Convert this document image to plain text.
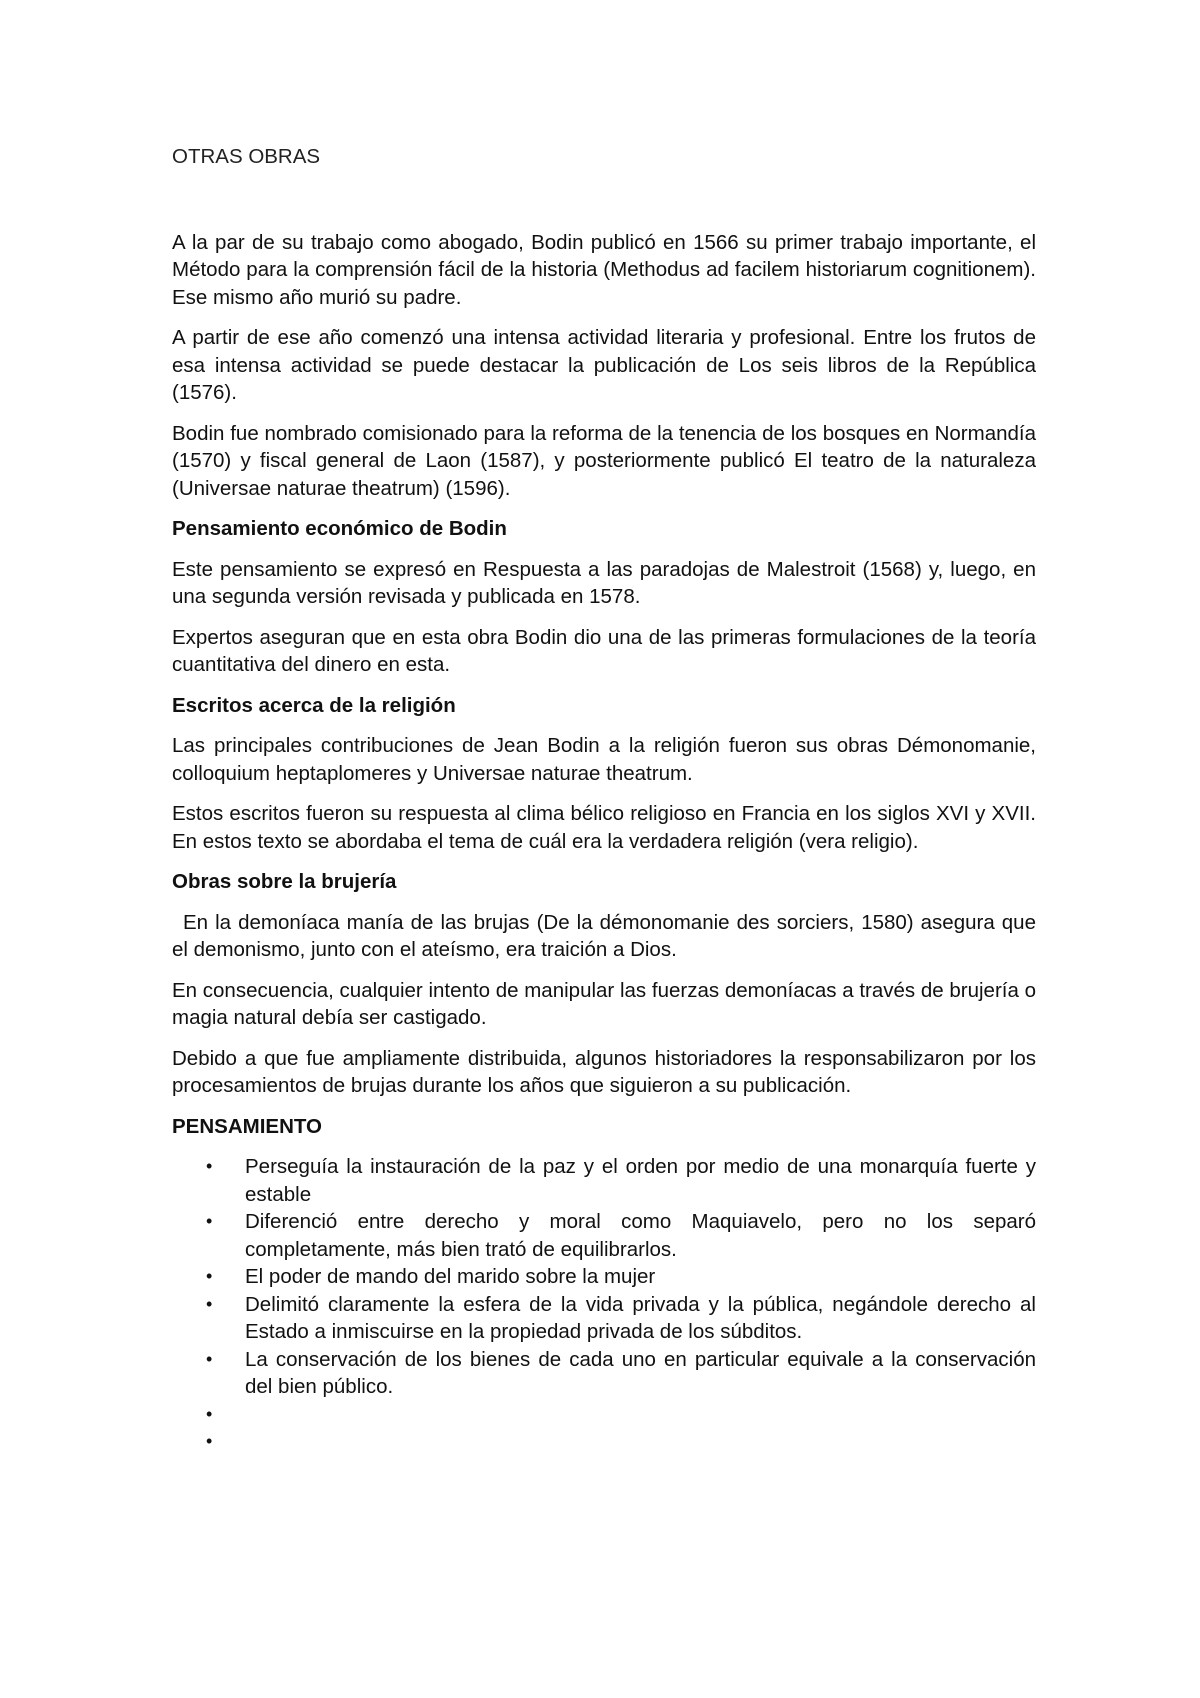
OTRAS OBRAS

A la par de su trabajo como abogado, Bodin publicó en 1566 su primer trabajo importante, el Método para la comprensión fácil de la historia (Methodus ad facilem historiarum cognitionem). Ese mismo año murió su padre.

A partir de ese año comenzó una intensa actividad literaria y profesional. Entre los frutos de esa intensa actividad se puede destacar la publicación de Los seis libros de la República (1576).

Bodin fue nombrado comisionado para la reforma de la tenencia de los bosques en Normandía (1570) y fiscal general de Laon (1587), y posteriormente publicó El teatro de la naturaleza (Universae naturae theatrum) (1596).

Pensamiento económico de Bodin

Este pensamiento se expresó en Respuesta a las paradojas de Malestroit (1568) y, luego, en una segunda versión revisada y publicada en 1578.

Expertos aseguran que en esta obra Bodin dio una de las primeras formulaciones de la teoría cuantitativa del dinero en esta.

Escritos acerca de la religión

Las principales contribuciones de Jean Bodin a la religión fueron sus obras Démonomanie, colloquium heptaplomeres y Universae naturae theatrum.

Estos escritos fueron su respuesta al clima bélico religioso en Francia en los siglos XVI y XVII. En estos texto se abordaba el tema de cuál era la verdadera religión (vera religio).

Obras sobre la brujería

En la demoníaca manía de las brujas (De la démonomanie des sorciers, 1580) asegura que el demonismo, junto con el ateísmo, era traición a Dios.

En consecuencia, cualquier intento de manipular las fuerzas demoníacas a través de brujería o magia natural debía ser castigado.

Debido a que fue ampliamente distribuida, algunos historiadores la responsabilizaron por los procesamientos de brujas durante los años que siguieron a su publicación.

PENSAMIENTO
• Perseguía la instauración de la paz y el orden por medio de una monarquía fuerte y estable
• Diferenció entre derecho y moral como Maquiavelo, pero no los separó completamente, más bien trató de equilibrarlos.
• El poder de mando del marido sobre la mujer
• Delimitó claramente la esfera de la vida privada y la pública, negándole derecho al Estado a inmiscuirse en la propiedad privada de los súbditos.
• La conservación de los bienes de cada uno en particular equivale a la conservación del bien público.
•
•
